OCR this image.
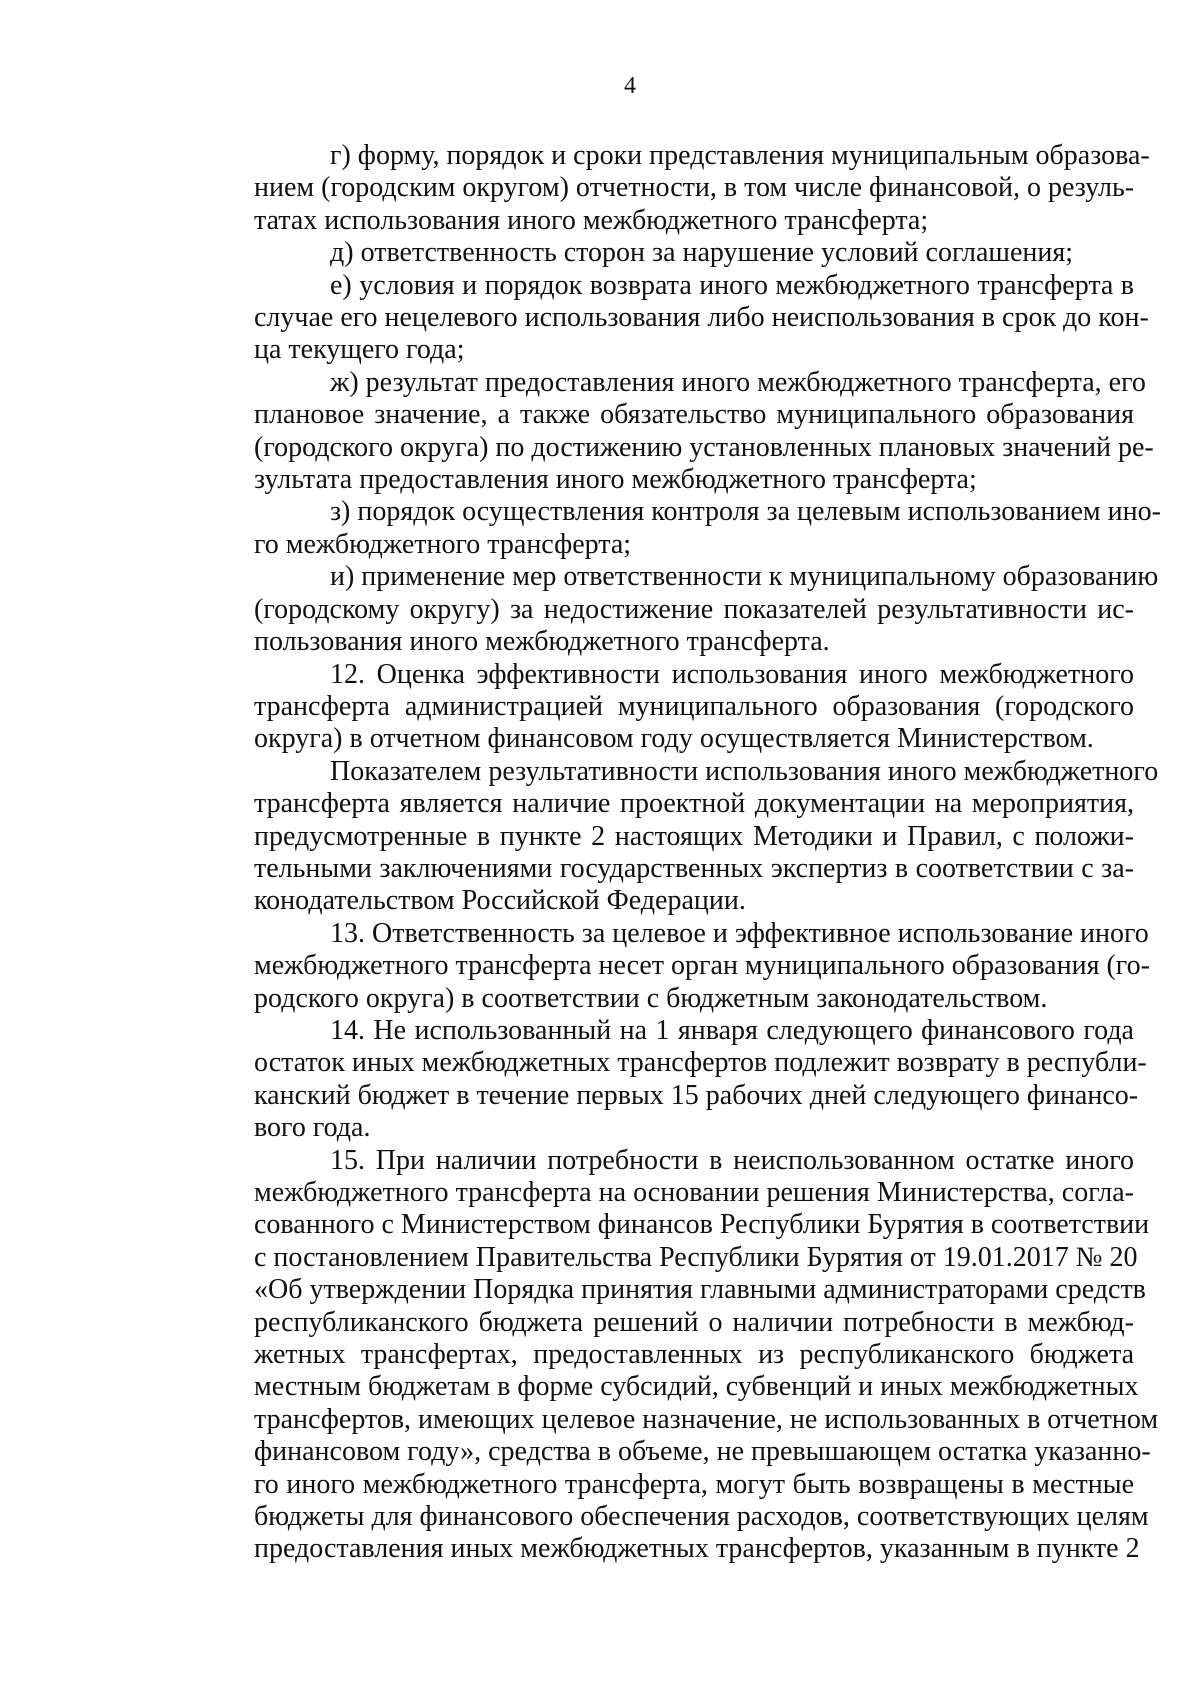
4

г) форму, порядок и сроки представления муниципальным образова-
нием (городским округом) отчетности, в том числе финансовой, о резуль-
татах использования иного межбюджетного трансферта;

д) ответственность сторон за нарушение условий соглашения;

е) условия и порядок возврата иного межбюджетного трансферта в
случае его нецелевого использования либо неиспользования в срок до кон-
ца текущего года;

ж) результат предоставления иного межбюджетного трансферта, его
плановое значение, а также обязательство муниципального образования
(городского округа) по достижению установленных плановых значений ре-
зультата предоставления иного межбюджетного трансферта;

з) порядок осуществления контроля за целевым использованием ино-
го межбюджетного трансферта;

и) применение мер ответственности к муниципальному образованию
(городскому округу) за недостижение показателей результативности ис-
пользования иного межбюджетного трансферта.

12. Оценка эффективности использования иного межбюджетного
трансферта администрацией муниципального образования (городского
округа) в отчетном финансовом году осуществляется Министерством.

Показателем результативности использования иного межбюджетного
трансферта является наличие проектной документации на мероприятия,
предусмотренные в пункте 2 настоящих Методики и Правил, с положи-
тельными заключениями государственных экспертиз в соответствии с за-
конодательством Российской Федерации.

13. Ответственность за целевое и эффективное использование иного
межбюджетного трансферта несет орган муниципального образования (го-
родского округа) в соответствии с бюджетным законодательством.

14. Не использованный на 1 января следующего финансового года
остаток иных межбюджетных трансфертов подлежит возврату в республи-
канский бюджет в течение первых 15 рабочих дней следующего финансо-
вого года.

15. При наличии потребности в неиспользованном остатке иного
межбюджетного трансферта на основании решения Министерства, согла-
сованного с Министерством финансов Республики Бурятия в соответствии
с постановлением Правительства Республики Бурятия от 19.01.2017 № 20
«Об утверждении Порядка принятия главными администраторами средств
республиканского бюджета решений о наличии потребности в межбюд-
жетных трансфертах, предоставленных из республиканского бюджета
местным бюджетам в форме субсидий, субвенций и иных межбюджетных
трансфертов, имеющих целевое назначение, не использованных в отчетном
финансовом году», средства в объеме, не превышающем остатка указанно-
го иного межбюджетного трансферта, могут быть возвращены в местные
бюджеты для финансового обеспечения расходов, соответствующих целям
предоставления иных межбюджетных трансфертов, указанным в пункте 2
